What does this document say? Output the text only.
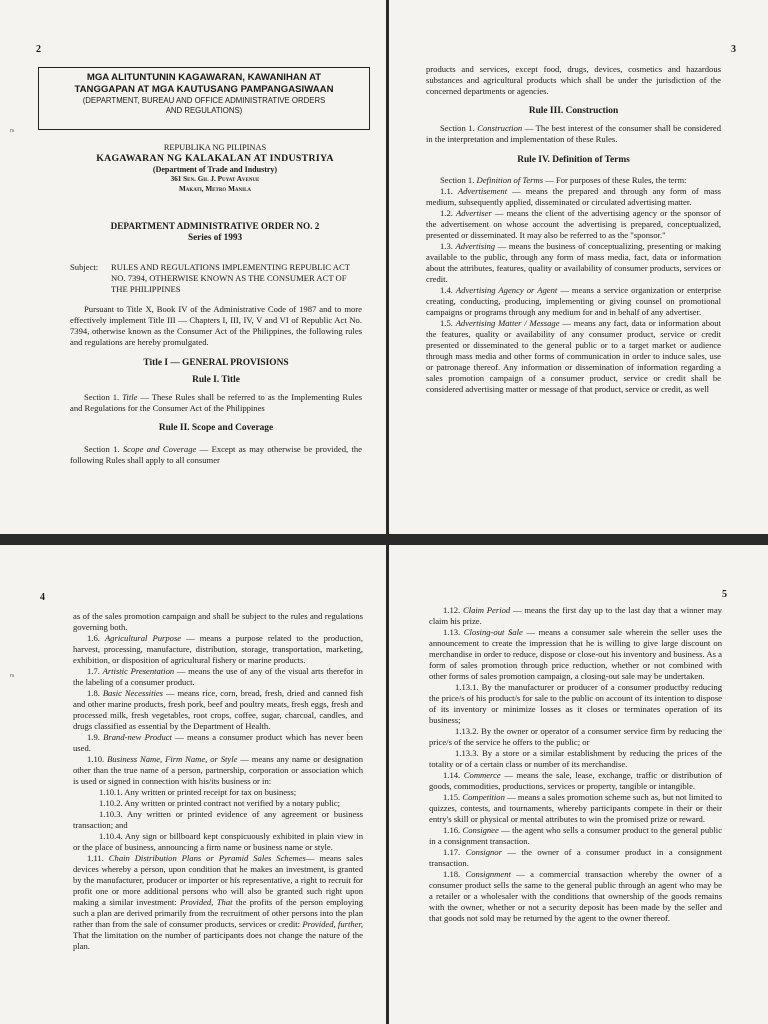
2
rs
MGA ALITUNTUNIN KAGAWARAN, KAWANIHAN AT
TANGGAPAN AT MGA KAUTUSANG PAMPANGASIWAAN
(DEPARTMENT, BUREAU AND OFFICE ADMINISTRATIVE ORDERS
AND REGULATIONS)
REPUBLIKA NG PILIPINAS
KAGAWARAN NG KALAKALAN AT INDUSTRIYA
(Department of Trade and Industry)
361 Sen. Gil J. Puyat Avenue
Makati, Metro Manila
DEPARTMENT ADMINISTRATIVE ORDER NO. 2
Series of 1993
Subject: RULES AND REGULATIONS IMPLEMENTING REPUBLIC ACT NO. 7394, OTHERWISE KNOWN AS THE CONSUMER ACT OF THE PHILIPPINES

Pursuant to Title X, Book IV of the Administrative Code of 1987 and to more effectively implement Title III — Chapters I, III, IV, V and VI of Republic Act No. 7394, otherwise known as the Consumer Act of the Philippines, the following rules and regulations are hereby promulgated.

Title I — GENERAL PROVISIONS

Rule I. Title

Section 1. Title — These Rules shall be referred to as the Implementing Rules and Regulations for the Consumer Act of the Philippines

Rule II. Scope and Coverage

Section 1. Scope and Coverage — Except as may otherwise be provided, the following Rules shall apply to all consumer

3

products and services, except food, drugs, devices, cosmetics and hazardous substances and agricultural products which shall be under the jurisdiction of the concerned departments or agencies.

Rule III. Construction

Section 1. Construction — The best interest of the consumer shall be considered in the interpretation and implementation of these Rules.

Rule IV. Definition of Terms

Section 1. Definition of Terms — For purposes of these Rules, the term:

1.1. Advertisement — means the prepared and through any form of mass medium, subsequently applied, disseminated or circulated advertising matter.

1.2. Advertiser — means the client of the advertising agency or the sponsor of the advertisement on whose account the advertising is prepared, conceptualized, presented or disseminated. It may also be referred to as the "sponsor."

1.3. Advertising — means the business of conceptualizing, presenting or making available to the public, through any form of mass media, fact, data or information about the attributes, features, quality or availability of consumer products, services or credit.

1.4. Advertising Agency or Agent — means a service organization or enterprise creating, conducting, producing, implementing or giving counsel on promotional campaigns or programs through any medium for and in behalf of any advertiser.

1.5. Advertising Matter / Message — means any fact, data or information about the features, quality or availability of any consumer product, service or credit presented or disseminated to the general public or to a target market or audience through mass media and other forms of communication in order to induce sales, use or patronage thereof. Any information or dissemination of information regarding a sales promotion campaign of a consumer product, service or credit shall be considered advertising matter or message of that product, service or credit, as well

4
rs

as of the sales promotion campaign and shall be subject to the rules and regulations governing both.

1.6. Agricultural Purpose — means a purpose related to the production, harvest, processing, manufacture, distribution, storage, transportation, marketing, exhibition, or disposition of agricultural fishery or marine products.

1.7. Artistic Presentation — means the use of any of the visual arts therefor in the labeling of a consumer product.

1.8. Basic Necessities — means rice, corn, bread, fresh, dried and canned fish and other marine products, fresh pork, beef and poultry meats, fresh eggs, fresh and processed milk, fresh vegetables, root crops, coffee, sugar, charcoal, candles, and drugs classified as essential by the Department of Health.

1.9. Brand-new Product — means a consumer product which has never been used.

1.10. Business Name, Firm Name, or Style — means any name or designation other than the true name of a person, partnership, corporation or association which is used or signed in connection with his/its business or in:

1.10.1. Any written or printed receipt for tax on business;

1.10.2. Any written or printed contract not verified by a notary public;

1.10.3. Any written or printed evidence of any agreement or business transaction; and

1.10.4. Any sign or billboard kept conspicuously exhibited in plain view in or the place of business, announcing a firm name or business name or style.

1.11. Chain Distribution Plans or Pyramid Sales Schemes— means sales devices whereby a person, upon condition that he makes an investment, is granted by the manufacturer, producer or importer or his representative, a right to recruit for profit one or more additional persons who will also be granted such right upon making a similar investment: Provided, That the profits of the person employing such a plan are derived primarily from the recruitment of other persons into the plan rather than from the sale of consumer products, services or credit: Provided, further, That the limitation on the number of participants does not change the nature of the plan.

5

1.12. Claim Period — means the first day up to the last day that a winner may claim his prize.

1.13. Closing-out Sale — means a consumer sale wherein the seller uses the announcement to create the impression that he is willing to give large discount on merchandise in order to reduce, dispose or close-out his inventory and business. As a form of sales promotion through price reduction, whether or not combined with other forms of sales promotion campaign, a closing-out sale may be undertaken.

1.13.1. By the manufacturer or producer of a consumer productby reducing the price/s of his product/s for sale to the public on account of its intention to dispose of its inventory or minimize losses as it closes or terminates operation of its business;

1.13.2. By the owner or operator of a consumer service firm by reducing the price/s of the service he offers to the public; or

1.13.3. By a store or a similar establishment by reducing the prices of the totality or of a certain class or number of its merchandise.

1.14. Commerce — means the sale, lease, exchange, traffic or distribution of goods, commodities, productions, services or property, tangible or intangible.

1.15. Competition — means a sales promotion scheme such as, but not limited to quizzes, contests, and tournaments, whereby participants compete in their or their entry's skill or physical or mental attributes to win the promised prize or reward.

1.16. Consignee — the agent who sells a consumer product to the general public in a consignment transaction.

1.17. Consignor — the owner of a consumer product in a consignment transaction.

1.18. Consignment — a commercial transaction whereby the owner of a consumer product sells the same to the general public through an agent who may be a retailer or a wholesaler with the conditions that ownership of the goods remains with the owner, whether or not a security deposit has been made by the seller and that goods not sold may be returned by the agent to the owner thereof.
